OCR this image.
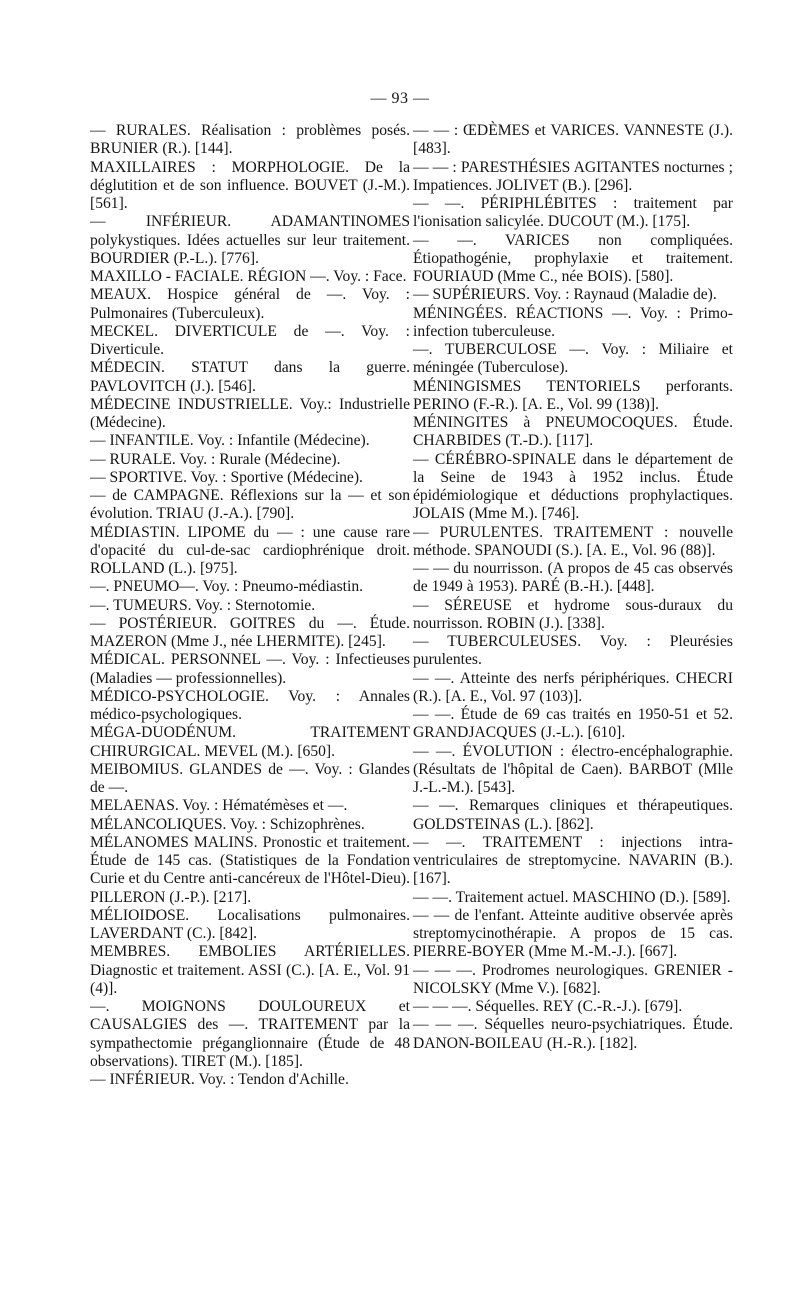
— 93 —

— RURALES. Réalisation : problèmes posés. BRUNIER (R.). [144].

MAXILLAIRES : MORPHOLOGIE. De la déglutition et de son influence. BOUVET (J.-M.). [561].

— INFÉRIEUR. ADAMANTINOMES polykystiques. Idées actuelles sur leur traitement. BOURDIER (P.-L.). [776].

MAXILLO - FACIALE. RÉGION —. Voy. : Face.

MEAUX. Hospice général de —. Voy. : Pulmonaires (Tuberculeux).

MECKEL. DIVERTICULE de —. Voy. : Diverticule.

MÉDECIN. STATUT dans la guerre. PAVLOVITCH (J.). [546].

MÉDECINE INDUSTRIELLE. Voy.: Industrielle (Médecine).

— INFANTILE. Voy. : Infantile (Médecine).

— RURALE. Voy. : Rurale (Médecine).

— SPORTIVE. Voy. : Sportive (Médecine).

— de CAMPAGNE. Réflexions sur la — et son évolution. TRIAU (J.-A.). [790].

MÉDIASTIN. LIPOME du — : une cause rare d'opacité du cul-de-sac cardiophrénique droit. ROLLAND (L.). [975].

—. PNEUMO—. Voy. : Pneumo-médiastin.

—. TUMEURS. Voy. : Sternotomie.

— POSTÉRIEUR. GOITRES du —. Étude. MAZERON (Mme J., née LHERMITE). [245].

MÉDICAL. PERSONNEL —. Voy. : Infectieuses (Maladies — professionnelles).

MÉDICO-PSYCHOLOGIE. Voy. : Annales médico-psychologiques.

MÉGA-DUODÉNUM. TRAITEMENT CHIRURGICAL. MEVEL (M.). [650].

MEIBOMIUS. GLANDES de —. Voy. : Glandes de —.

MELAENAS. Voy. : Hématémèses et —.

MÉLANCOLIQUES. Voy. : Schizophrènes.

MÉLANOMES MALINS. Pronostic et traitement. Étude de 145 cas. (Statistiques de la Fondation Curie et du Centre anti-cancéreux de l'Hôtel-Dieu). PILLERON (J.-P.). [217].

MÉLIOIDOSE. Localisations pulmonaires. LAVERDANT (C.). [842].

MEMBRES. EMBOLIES ARTÉRIELLES. Diagnostic et traitement. ASSI (C.). [A. E., Vol. 91 (4)].

—. MOIGNONS DOULOUREUX et CAUSALGIES des —. TRAITEMENT par la sympathectomie préganglionnaire (Étude de 48 observations). TIRET (M.). [185].

— INFÉRIEUR. Voy. : Tendon d'Achille.

— — : ŒDÈMES et VARICES. VANNESTE (J.). [483].

— — : PARESTHÉSIES AGITANTES nocturnes ; Impatiences. JOLIVET (B.). [296].

— —. PÉRIPHLÉBITES : traitement par l'ionisation salicylée. DUCOUT (M.). [175].

— —. VARICES non compliquées. Étiopathogénie, prophylaxie et traitement. FOURIAUD (Mme C., née BOIS). [580].

— SUPÉRIEURS. Voy. : Raynaud (Maladie de).

MÉNINGÉES. RÉACTIONS —. Voy. : Primo-infection tuberculeuse.

—. TUBERCULOSE —. Voy. : Miliaire et méningée (Tuberculose).

MÉNINGISMES TENTORIELS perforants. PERINO (F.-R.). [A. E., Vol. 99 (138)].

MÉNINGITES à PNEUMOCOQUES. Étude. CHARBIDES (T.-D.). [117].

— CÉRÉBRO-SPINALE dans le département de la Seine de 1943 à 1952 inclus. Étude épidémiologique et déductions prophylactiques. JOLAIS (Mme M.). [746].

— PURULENTES. TRAITEMENT : nouvelle méthode. SPANOUDI (S.). [A. E., Vol. 96 (88)].

— — du nourrisson. (A propos de 45 cas observés de 1949 à 1953). PARÉ (B.-H.). [448].

— SÉREUSE et hydrome sous-duraux du nourrisson. ROBIN (J.). [338].

— TUBERCULEUSES. Voy. : Pleurésies purulentes.

— —. Atteinte des nerfs périphériques. CHECRI (R.). [A. E., Vol. 97 (103)].

— —. Étude de 69 cas traités en 1950-51 et 52. GRANDJACQUES (J.-L.). [610].

— —. ÉVOLUTION : électro-encéphalographie. (Résultats de l'hôpital de Caen). BARBOT (Mlle J.-L.-M.). [543].

— —. Remarques cliniques et thérapeutiques. GOLDSTEINAS (L.). [862].

— —. TRAITEMENT : injections intra-ventriculaires de streptomycine. NAVARIN (B.). [167].

— —. Traitement actuel. MASCHINO (D.). [589].

— — de l'enfant. Atteinte auditive observée après streptomycinothérapie. A propos de 15 cas. PIERRE-BOYER (Mme M.-M.-J.). [667].

— — —. Prodromes neurologiques. GRENIER - NICOLSKY (Mme V.). [682].

— — —. Séquelles. REY (C.-R.-J.). [679].

— — —. Séquelles neuro-psychiatriques. Étude. DANON-BOILEAU (H.-R.). [182].
